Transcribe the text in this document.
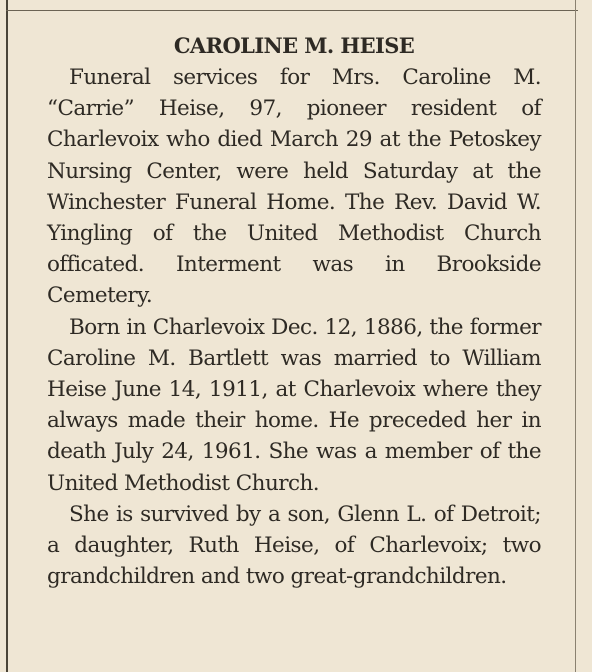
CAROLINE M. HEISE

Funeral services for Mrs. Caroline M. “Carrie” Heise, 97, pioneer resident of Charlevoix who died March 29 at the Petoskey Nursing Center, were held Saturday at the Winchester Funeral Home. The Rev. David W. Yingling of the United Methodist Church officated. Interment was in Brookside Cemetery.

Born in Charlevoix Dec. 12, 1886, the former Caroline M. Bartlett was married to William Heise June 14, 1911, at Charlevoix where they always made their home. He preceded her in death July 24, 1961. She was a member of the United Methodist Church.

She is survived by a son, Glenn L. of Detroit; a daughter, Ruth Heise, of Charlevoix; two grandchildren and two great-grandchildren.
